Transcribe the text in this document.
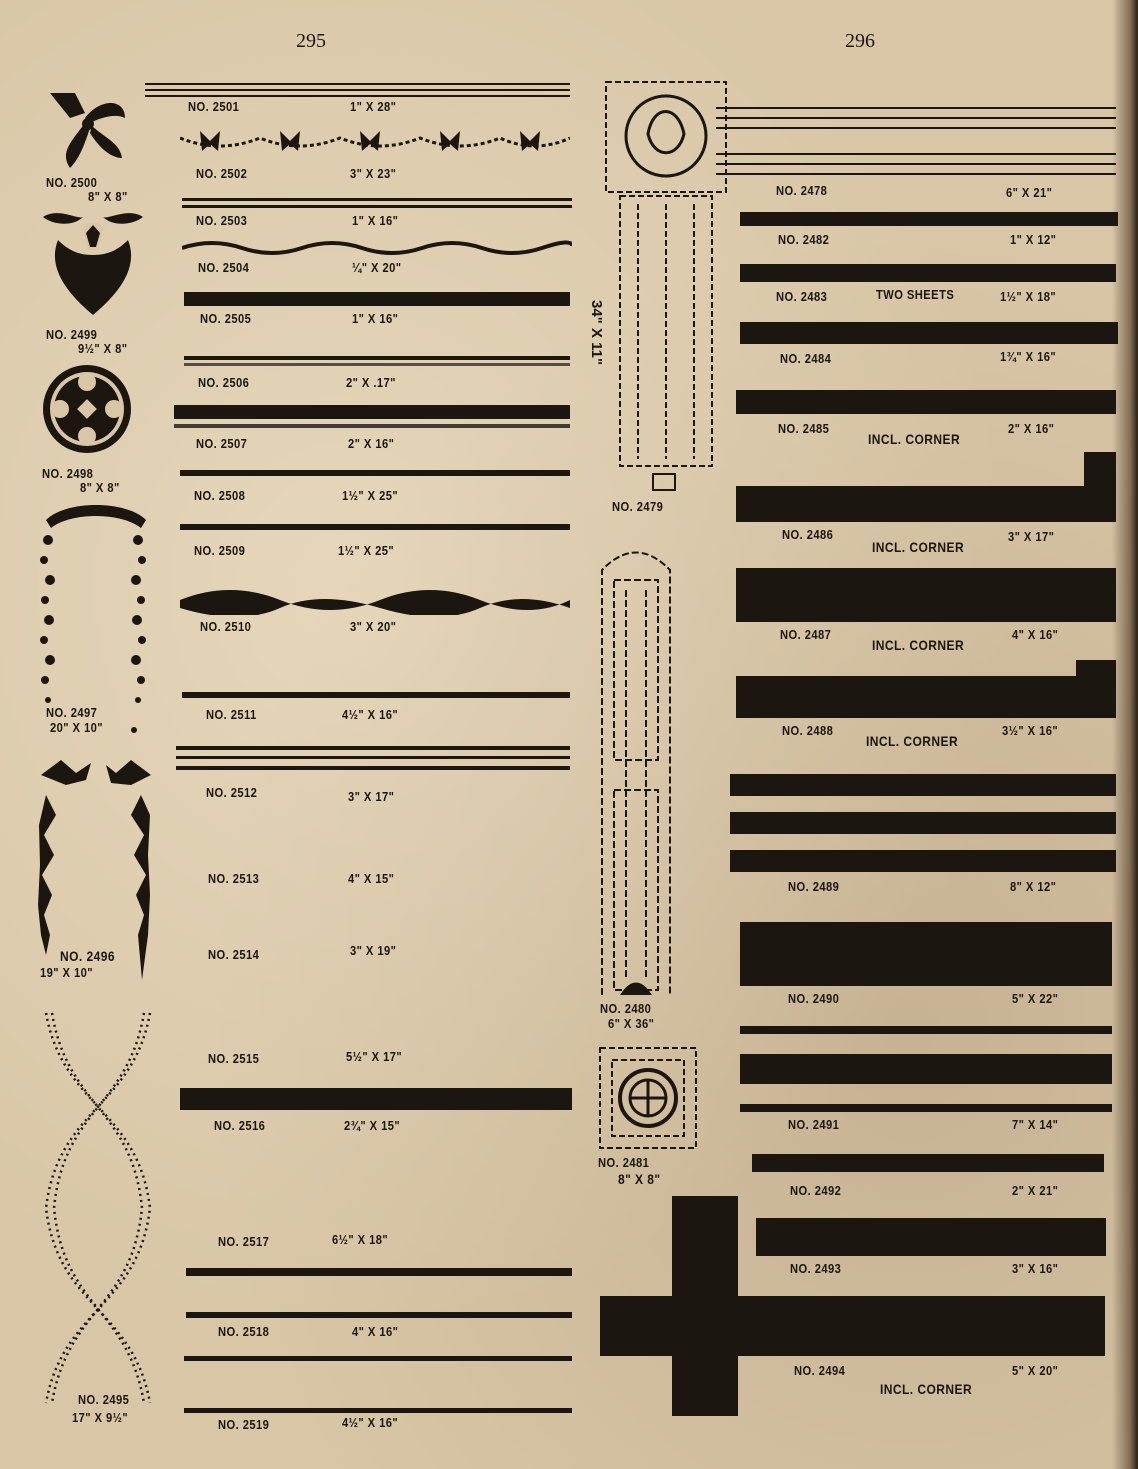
295	296
NO. 2500
8" X 8"
NO. 2499
9½" X 8"
NO. 2498
8" X 8"
NO. 2497
20" X 10"
NO. 2496
19" X 10"
NO. 2495
17" X 9½"
NO. 2501	1" X 28"
NO. 2502	3" X 23"
NO. 2503	1" X 16"
NO. 2504	¼" X 20"
NO. 2505	1" X 16"
NO. 2506	2" X .17"
NO. 2507	2" X 16"
NO. 2508	1½" X 25"
NO. 2509	1½" X 25"
NO. 2510	3" X 20"
NO. 2511	4½" X 16"
NO. 2512	3" X 17"
NO. 2513	4" X 15"
NO. 2514	3" X 19"
NO. 2515	5½" X 17"
NO. 2516	2¾" X 15"
NO. 2517	6½" X 18"
NO. 2518	4" X 16"
NO. 2519	4½" X 16"
34" X 11"
NO. 2479
NO. 2480
6" X 36"
NO. 2481
8" X 8"
NO. 2478	6" X 21"
NO. 2482	1" X 12"
NO. 2483	TWO SHEETS	1½" X 18"
NO. 2484	1¾" X 16"
NO. 2485
INCL. CORNER
2" X 16"
NO. 2486
INCL. CORNER
3" X 17"
NO. 2487
INCL. CORNER
4" X 16"
NO. 2488
INCL. CORNER
3½" X 16"
NO. 2489	8" X 12"
NO. 2490	5" X 22"
NO. 2491	7" X 14"
NO. 2492	2" X 21"
NO. 2493	3" X 16"
NO. 2494
INCL. CORNER
5" X 20"
